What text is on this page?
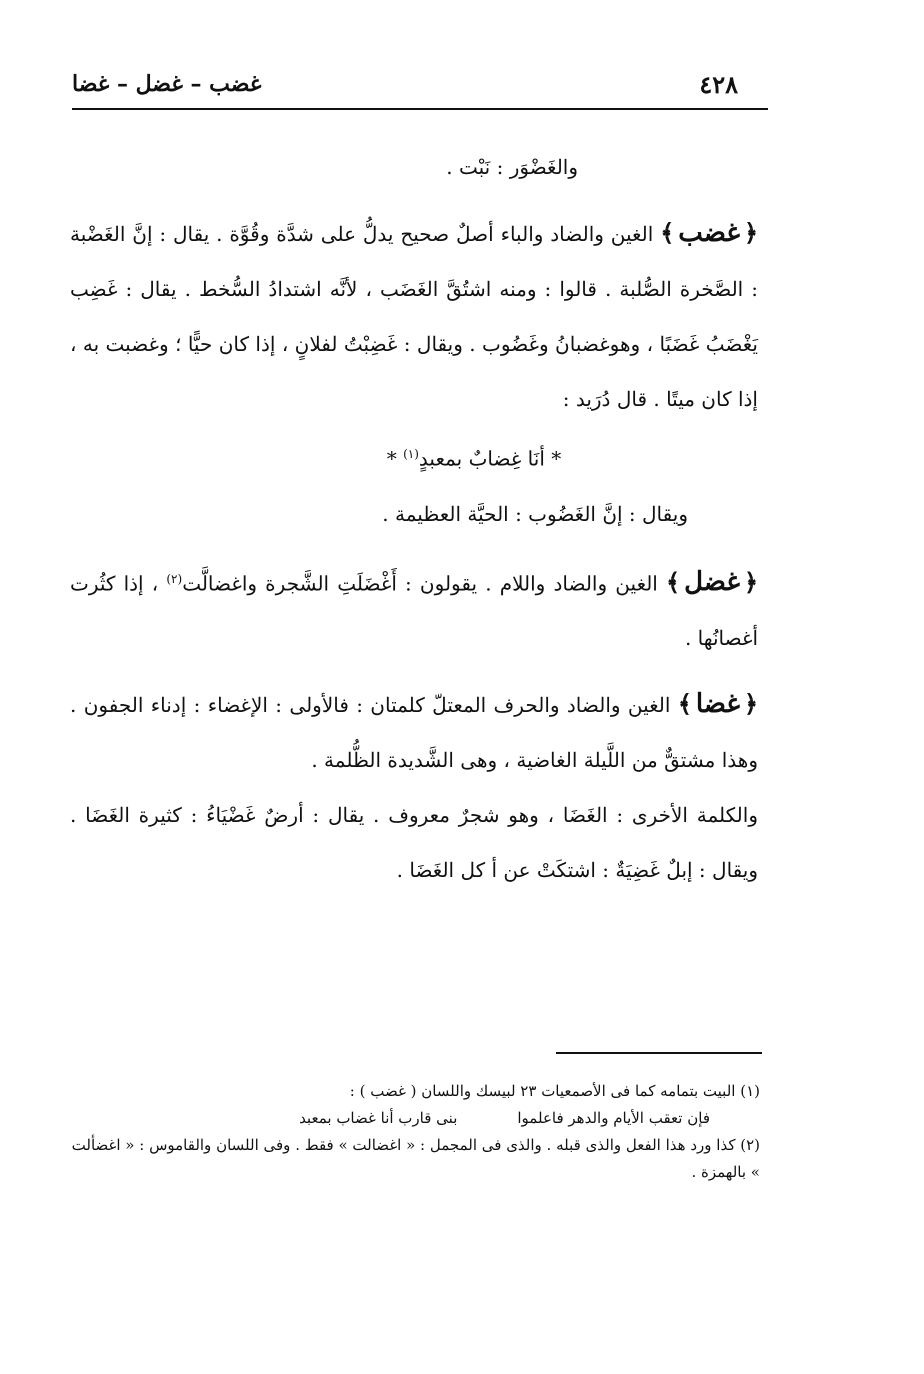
٤٢٨
غضب – غضل – غضا

والغَضْوَر : نَبْت .

﴿غضب﴾ الغين والضاد والباء أصلٌ صحيح يدلُّ على شدَّة وقُوَّة . يقال : إنَّ الغَضْبة : الصَّخرة الصُّلبة . قالوا : ومنه اشتُقَّ الغَضَب ، لأنَّه اشتدادُ السُّخط . يقال : غَضِب يَغْضَبُ غَضَبًا ، وهوغضبانُ وغَضُوب . ويقال : غَضِبْتُ لفلانٍ ، إذا كان حيًّا ؛ وغضبت به ، إذا كان ميتًا . قال دُرَيد :

* أنَا غِضابٌ بمعبدٍ$^{(١)}$ *

ويقال : إنَّ الغَضُوب : الحيَّة العظيمة .

﴿غضل﴾ الغين والضاد واللام . يقولون : أَغْضَلَتِ الشَّجرة واغضالَّت$^{(٢)}$ ، إذا كثُرت أغصانُها .

﴿غضا﴾ الغين والضاد والحرف المعتلّ كلمتان : فالأولى : الإغضاء : إدناء الجفون . وهذا مشتقٌّ من اللَّيلة الغاضية ، وهى الشَّديدة الظُّلمة .

والكلمة الأخرى : الغَضَا ، وهو شجرٌ معروف . يقال : أرضٌ غَضْيَاءُ : كثيرة الغَضَا . ويقال : إبلٌ غَضِيَةٌ : اشتكَتْ عن أ كل الغَضَا .

(١) البيت بتمامه كما فى الأصمعيات ٢٣ لبيسك واللسان ( غضب ) :

فإن تعقب الأيام والدهر فاعلموا
بنى قارب أنا غضاب بمعبد

(٢) كذا ورد هذا الفعل والذى قبله . والذى فى المجمل : « اغضالت » فقط . وفى اللسان والقاموس : « اغضألت » بالهمزة .
